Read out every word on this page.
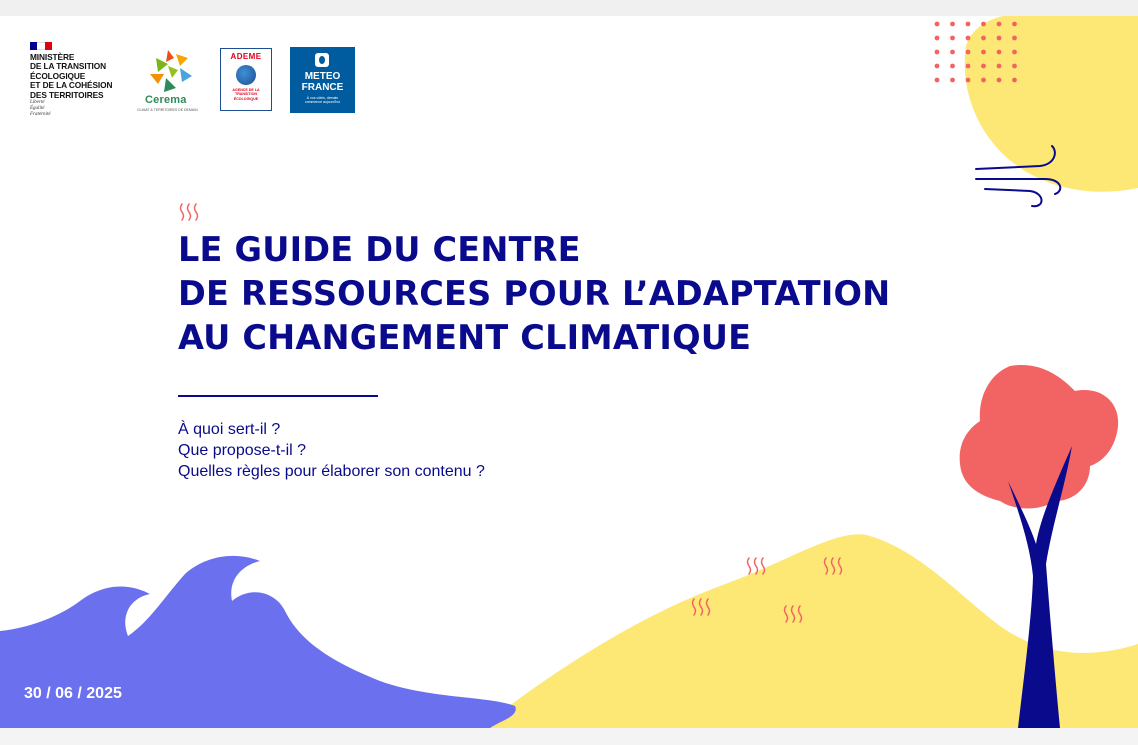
MINISTÈRE
DE LA TRANSITION
ÉCOLOGIQUE
ET DE LA COHÉSION
DES TERRITOIRES
Liberté
Égalité
Fraternité
Cerema
CLIMAT & TERRITOIRES DE DEMAIN
ADEME
AGENCE DE LA
TRANSITION
ÉCOLOGIQUE
METEO
FRANCE
À vos côtés, demain
commence aujourd'hui
LE GUIDE DU CENTRE
DE RESSOURCES POUR L’ADAPTATION
AU CHANGEMENT CLIMATIQUE
À quoi sert-il ?
Que propose-t-il ?
Quelles règles pour élaborer son contenu ?
30 / 06 / 2025
